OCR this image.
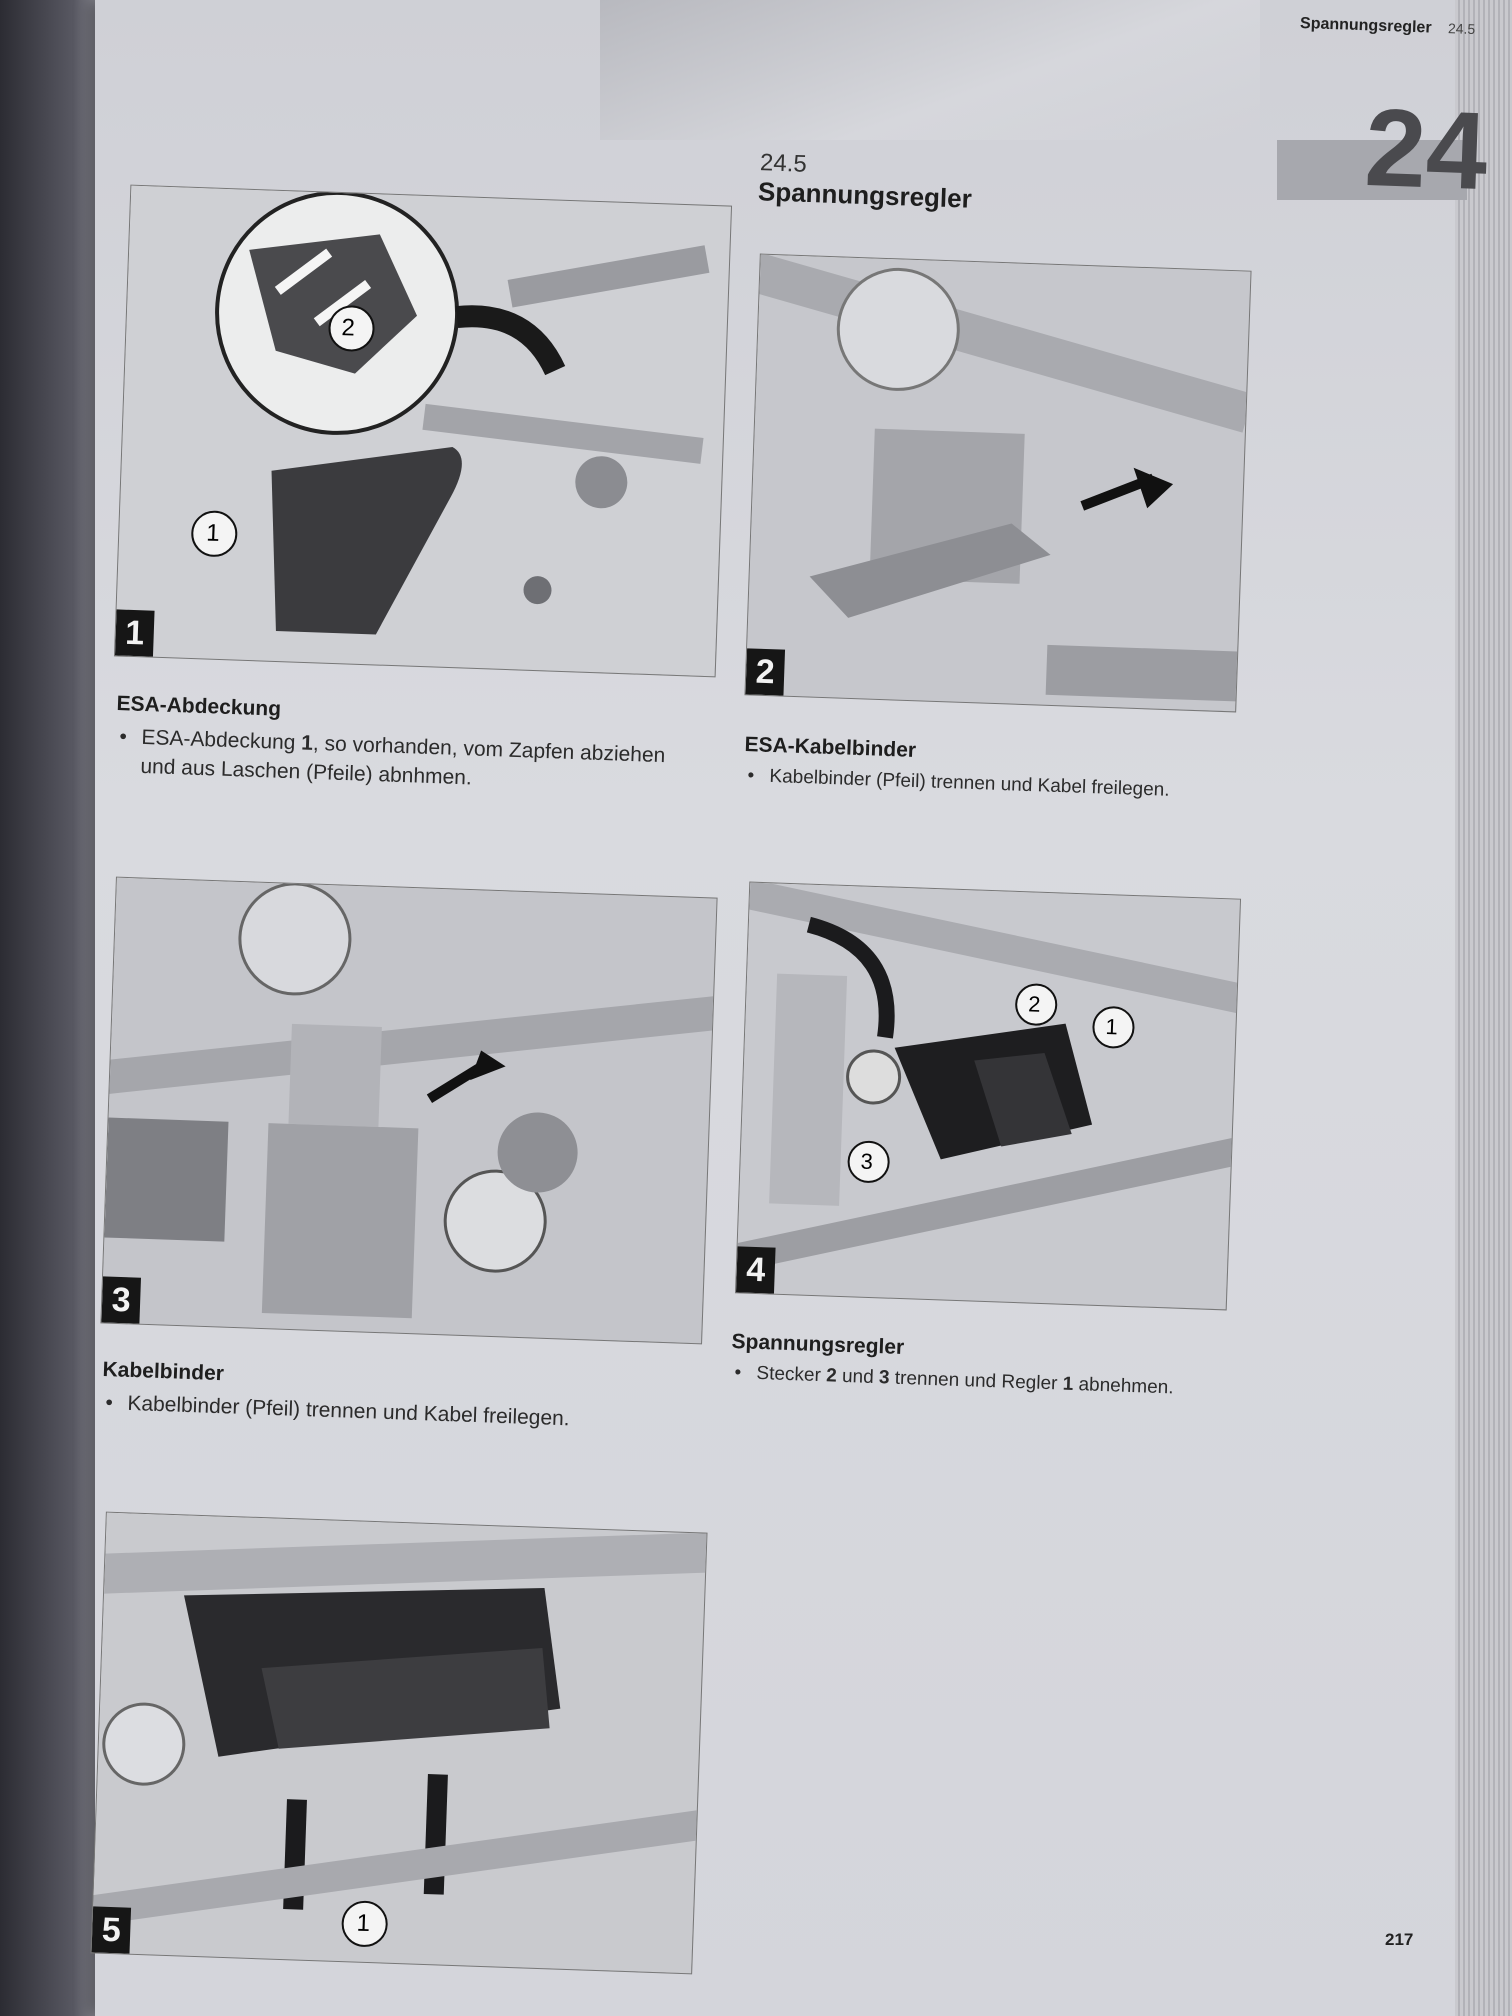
Spannungsregler 24.5
24
24.5
Spannungsregler
2
1
1
ESA-Abdeckung
• ESA-Abdeckung 1, so vorhanden, vom Zapfen abziehen und aus Laschen (Pfeile) abnhmen.
2
ESA-Kabelbinder
• Kabelbinder (Pfeil) trennen und Kabel freilegen.
3
Kabelbinder
• Kabelbinder (Pfeil) trennen und Kabel freilegen.
2
1
3
4
Spannungsregler
• Stecker 2 und 3 trennen und Regler 1 abnehmen.
1
5	217
